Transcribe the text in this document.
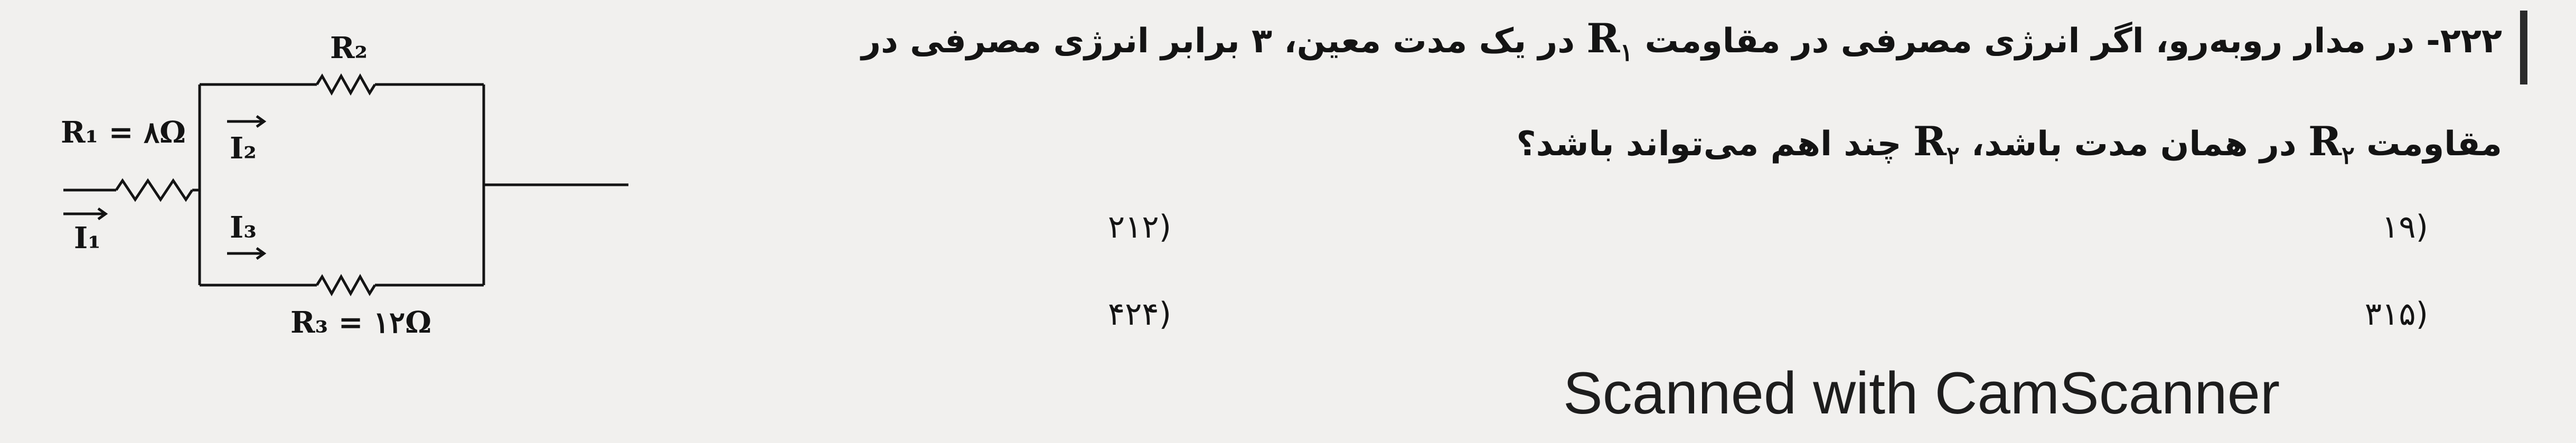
R₁ = ۸Ω
R₂
R₃ = ۱۲Ω
I₁
I₂
I₃
۲۲۲- در مدار روبه‌رو، اگر انرژی مصرفی در مقاومت $R_۱$ در یک مدت معین، ۳ برابر انرژی مصرفی در
مقاومت $R_۲$ در همان مدت باشد، $R_۲$ چند اهم می‌تواند باشد؟
(۱۹
(۲۱۲
(۳۱۵
(۴۲۴
Scanned with CamScanner
